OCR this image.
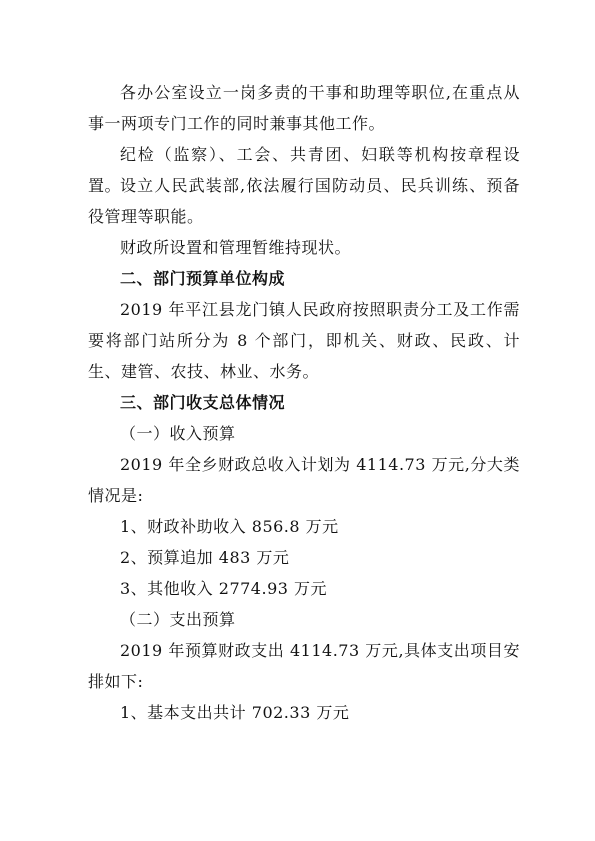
各办公室设立一岗多责的干事和助理等职位,在重点从事一两项专门工作的同时兼事其他工作。

纪检（监察）、工会、共青团、妇联等机构按章程设置。

设立人民武装部,依法履行国防动员、民兵训练、预备役管理等职能。

财政所设置和管理暂维持现状。

二、部门预算单位构成

2019 年平江县龙门镇人民政府按照职责分工及工作需要将部门站所分为 8 个部门，即机关、财政、民政、计生、建管、农技、林业、水务。

三、部门收支总体情况

（一）收入预算

2019 年全乡财政总收入计划为 4114.73 万元,分大类情况是:

1、财政补助收入 856.8 万元

2、预算追加 483 万元

3、其他收入 2774.93 万元

（二）支出预算

2019 年预算财政支出 4114.73 万元,具体支出项目安排如下:

1、基本支出共计 702.33 万元
